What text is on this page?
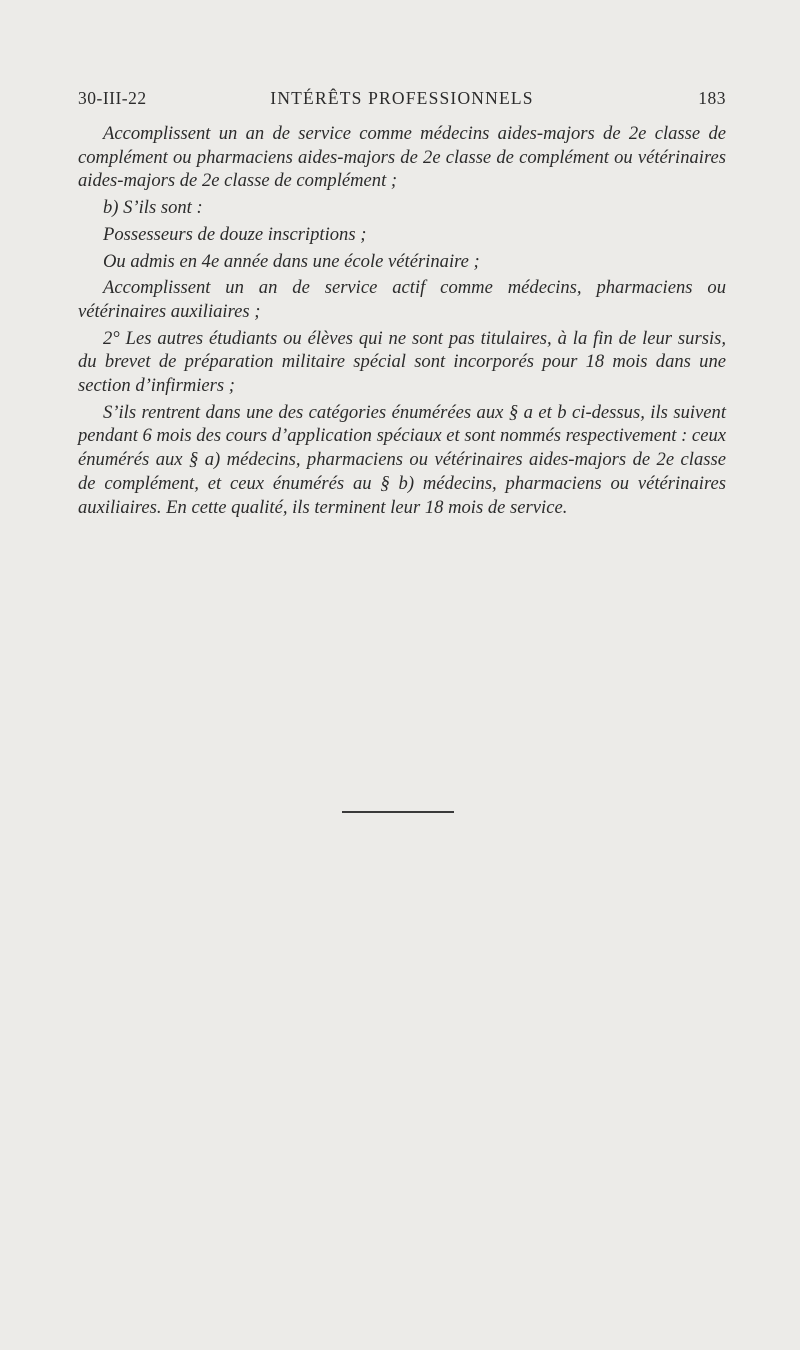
30-III-22	INTÉRÊTS PROFESSIONNELS	183

Accomplissent un an de service comme médecins aides-majors de 2e classe de complément ou pharmaciens aides-majors de 2e classe de complément ou vétérinaires aides-majors de 2e classe de complément ;

b) S’ils sont :

Possesseurs de douze inscriptions ;

Ou admis en 4e année dans une école vétérinaire ;

Accomplissent un an de service actif comme médecins, pharmaciens ou vétérinaires auxiliaires ;

2° Les autres étudiants ou élèves qui ne sont pas titulaires, à la fin de leur sursis, du brevet de préparation militaire spécial sont incorporés pour 18 mois dans une section d’infirmiers ;

S’ils rentrent dans une des catégories énumérées aux § a et b ci-dessus, ils suivent pendant 6 mois des cours d’application spéciaux et sont nommés respectivement : ceux énumérés aux § a) médecins, pharmaciens ou vétérinaires aides-majors de 2e classe de complément, et ceux énumérés au § b) médecins, pharmaciens ou vétérinaires auxiliaires. En cette qualité, ils terminent leur 18 mois de service.
